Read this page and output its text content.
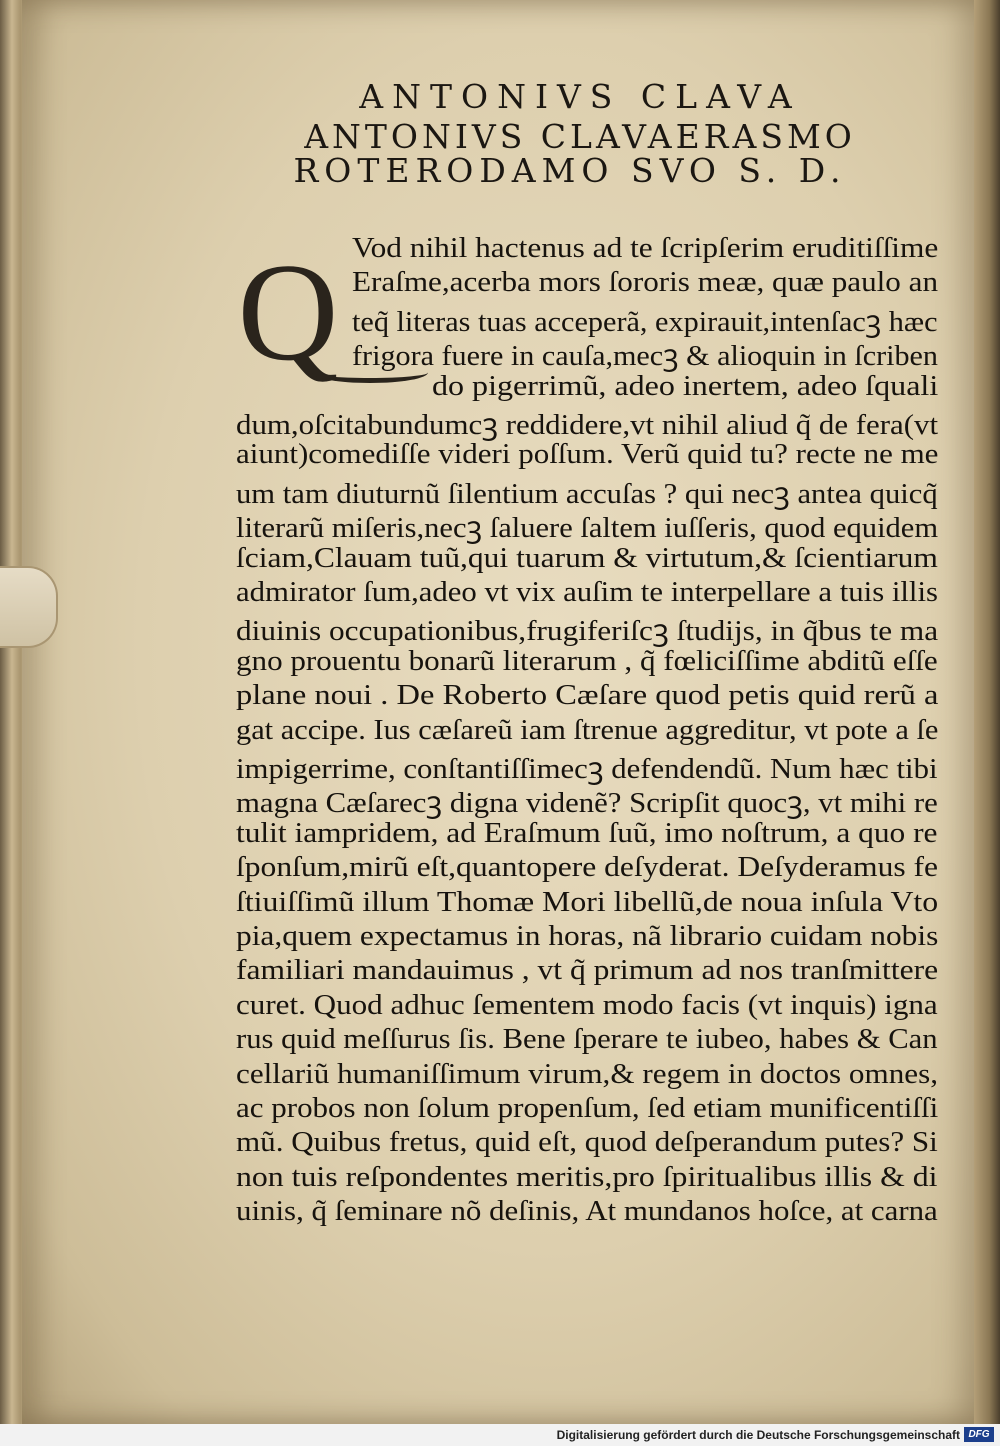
ANTONIVS CLAVA
ANTONIVS CLAVAERASMO
ROTERODAMO SVO S. D.
Q Vod nihil hactenus ad te ſcripſerim eruditiſſime
Eraſme,acerba mors ſororis meæ, quæ paulo an
teq̃ literas tuas acceperã, expirauit,intenſacꝫ hæc
frigora fuere in cauſa,mecꝫ & alioquin in ſcriben
do pigerrimũ, adeo inertem, adeo ſquali
dum,oſcitabundumcꝫ reddidere,vt nihil aliud q̃ de fera(vt
aiunt)comediſſe videri poſſum. Verũ quid tu? recte ne me
um tam diuturnũ ſilentium accuſas ? qui necꝫ antea quicq̃
literarũ miſeris,necꝫ ſaluere ſaltem iuſſeris, quod equidem
ſciam,Clauam tuũ,qui tuarum & virtutum,& ſcientiarum
admirator ſum,adeo vt vix auſim te interpellare a tuis illis
diuinis occupationibus,frugiferiſcꝫ ſtudijs, in q̃bus te ma
gno prouentu bonarũ literarum , q̃ fœliciſſime abditũ eſſe
plane noui . De Roberto Cæſare quod petis quid rerũ a
gat accipe. Ius cæſareũ iam ſtrenue aggreditur, vt pote a ſe
impigerrime, conſtantiſſimecꝫ defendendũ. Num hæc tibi
magna Cæſarecꝫ digna videnẽ? Scripſit quocꝫ, vt mihi re
tulit iampridem, ad Eraſmum ſuũ, imo noſtrum, a quo re
ſponſum,mirũ eſt,quantopere deſyderat. Deſyderamus fe
ſtiuiſſimũ illum Thomæ Mori libellũ,de noua inſula Vto
pia,quem expectamus in horas, nã librario cuidam nobis
familiari mandauimus , vt q̃ primum ad nos tranſmittere
curet. Quod adhuc ſementem modo facis (vt inquis) igna
rus quid meſſurus ſis. Bene ſperare te iubeo, habes & Can
cellariũ humaniſſimum virum,& regem in doctos omnes,
ac probos non ſolum propenſum, ſed etiam munificentiſſi
mũ. Quibus fretus, quid eſt, quod deſperandum putes? Si
non tuis reſpondentes meritis,pro ſpiritualibus illis & di
uinis, q̃ ſeminare nõ deſinis, At mundanos hoſce, at carna
Digitalisierung gefördert durch die Deutsche Forschungsgemeinschaft DFG
